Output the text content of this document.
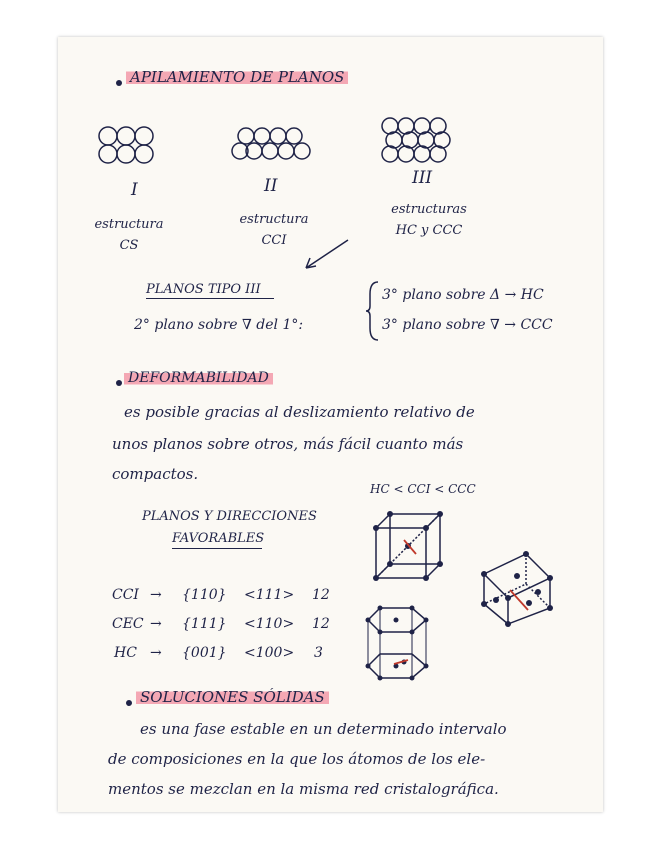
APILAMIENTO DE PLANOS
I	II	III
estructura CS
estructura CCI
estructuras HC y CCC
PLANOS TIPO III
2° plano sobre ∇ del 1°:
3° plano sobre Δ → HC
3° plano sobre ∇ → CCC
DEFORMABILIDAD
es posible gracias al deslizamiento relativo de
unos planos sobre otros, más fácil cuanto más
compactos.
HC < CCI < CCC
PLANOS Y DIRECCIONES
FAVORABLES
CCI → {110} <111> 12
CEC → {111} <110> 12
HC → {001} <100> 3
SOLUCIONES SÓLIDAS
es una fase estable en un determinado intervalo
de composiciones en la que los átomos de los ele-
mentos se mezclan en la misma red cristalográfica.
